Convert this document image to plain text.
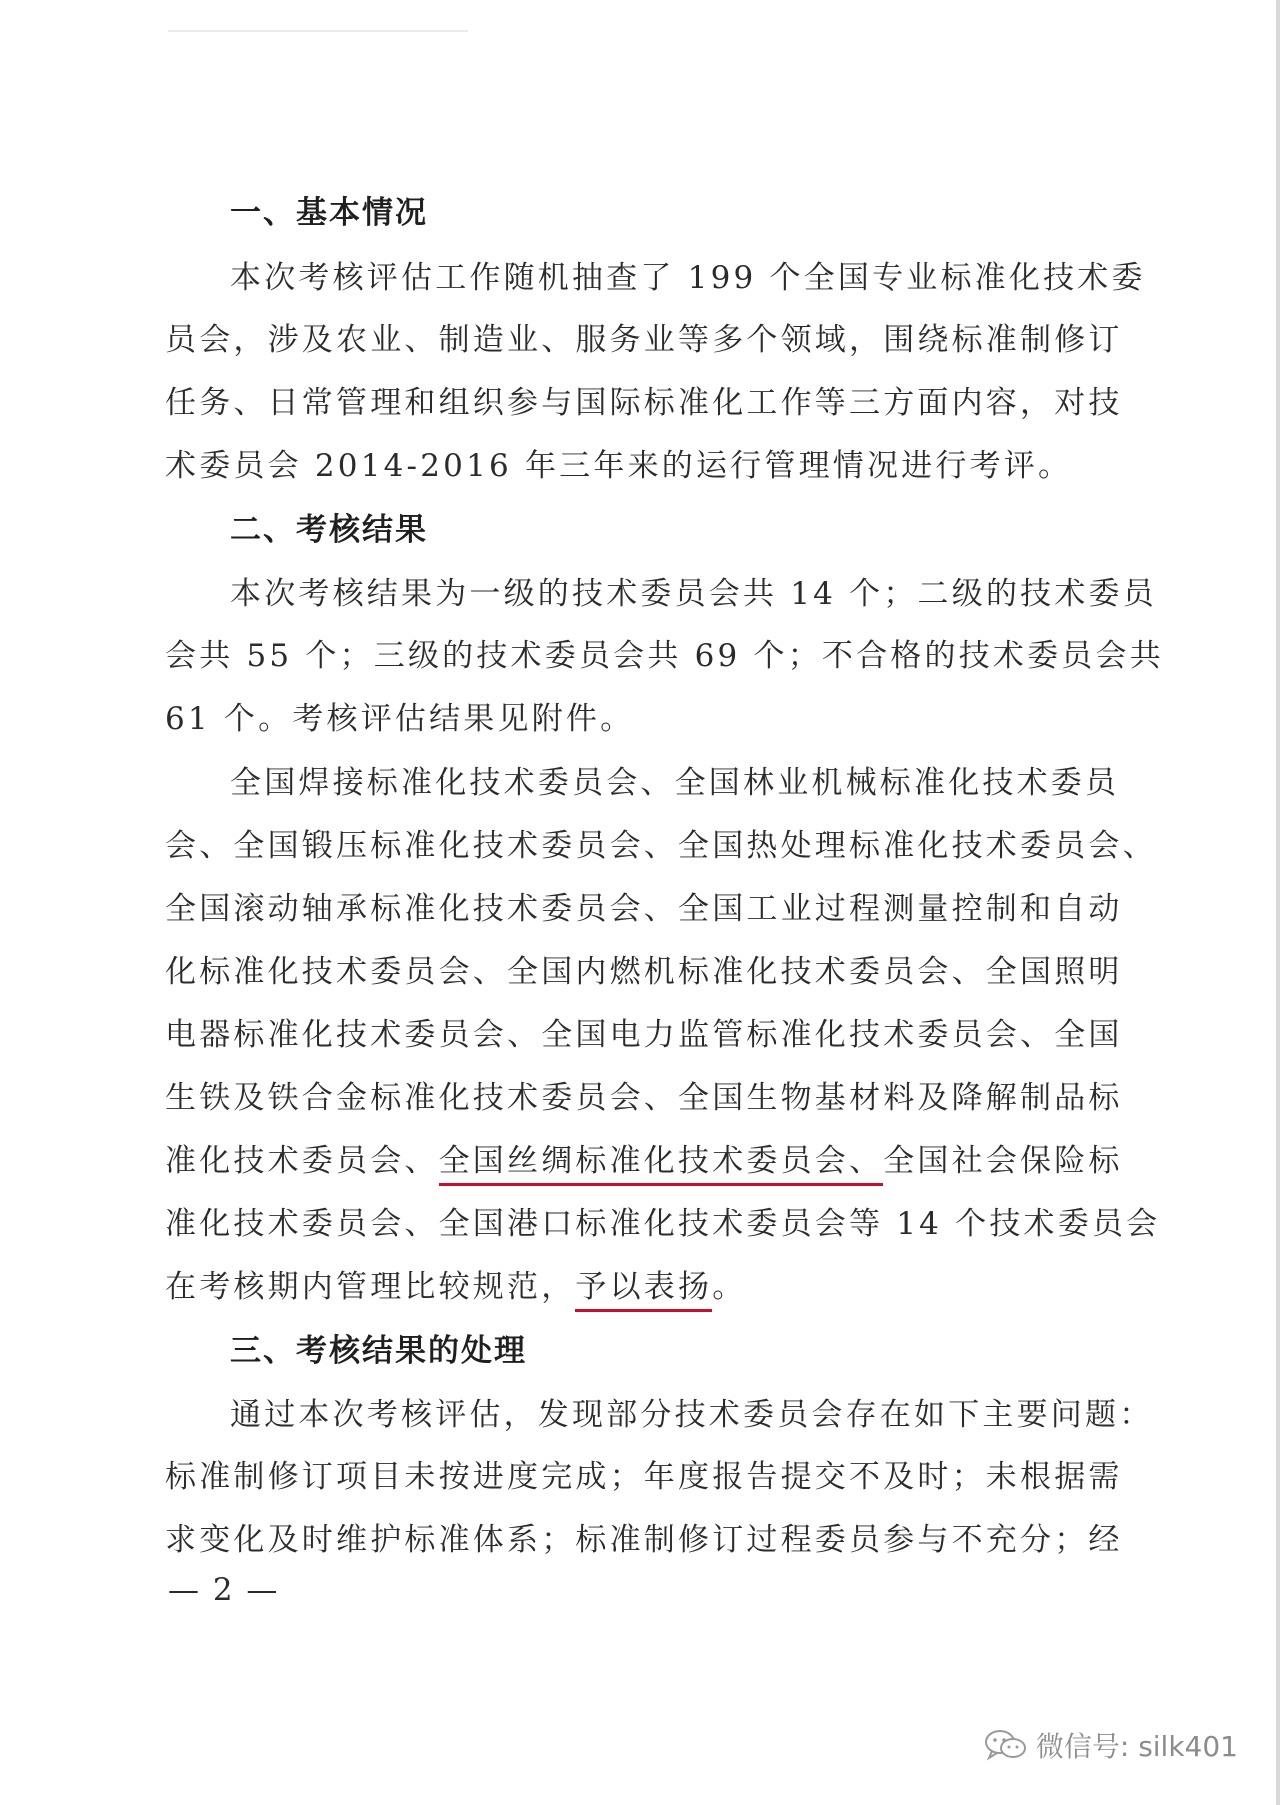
一、基本情况
本次考核评估工作随机抽查了 199 个全国专业标准化技术委
员会，涉及农业、制造业、服务业等多个领域，围绕标准制修订
任务、日常管理和组织参与国际标准化工作等三方面内容，对技
术委员会 2014-2016 年三年来的运行管理情况进行考评。
二、考核结果
本次考核结果为一级的技术委员会共 14 个；二级的技术委员
会共 55 个；三级的技术委员会共 69 个；不合格的技术委员会共
61 个。考核评估结果见附件。
全国焊接标准化技术委员会、全国林业机械标准化技术委员
会、全国锻压标准化技术委员会、全国热处理标准化技术委员会、
全国滚动轴承标准化技术委员会、全国工业过程测量控制和自动
化标准化技术委员会、全国内燃机标准化技术委员会、全国照明
电器标准化技术委员会、全国电力监管标准化技术委员会、全国
生铁及铁合金标准化技术委员会、全国生物基材料及降解制品标
准化技术委员会、全国丝绸标准化技术委员会、全国社会保险标
准化技术委员会、全国港口标准化技术委员会等 14 个技术委员会
在考核期内管理比较规范，予以表扬。
三、考核结果的处理
通过本次考核评估，发现部分技术委员会存在如下主要问题：
标准制修订项目未按进度完成；年度报告提交不及时；未根据需
求变化及时维护标准体系；标准制修订过程委员参与不充分；经
— 2 —
微信号: silk401
